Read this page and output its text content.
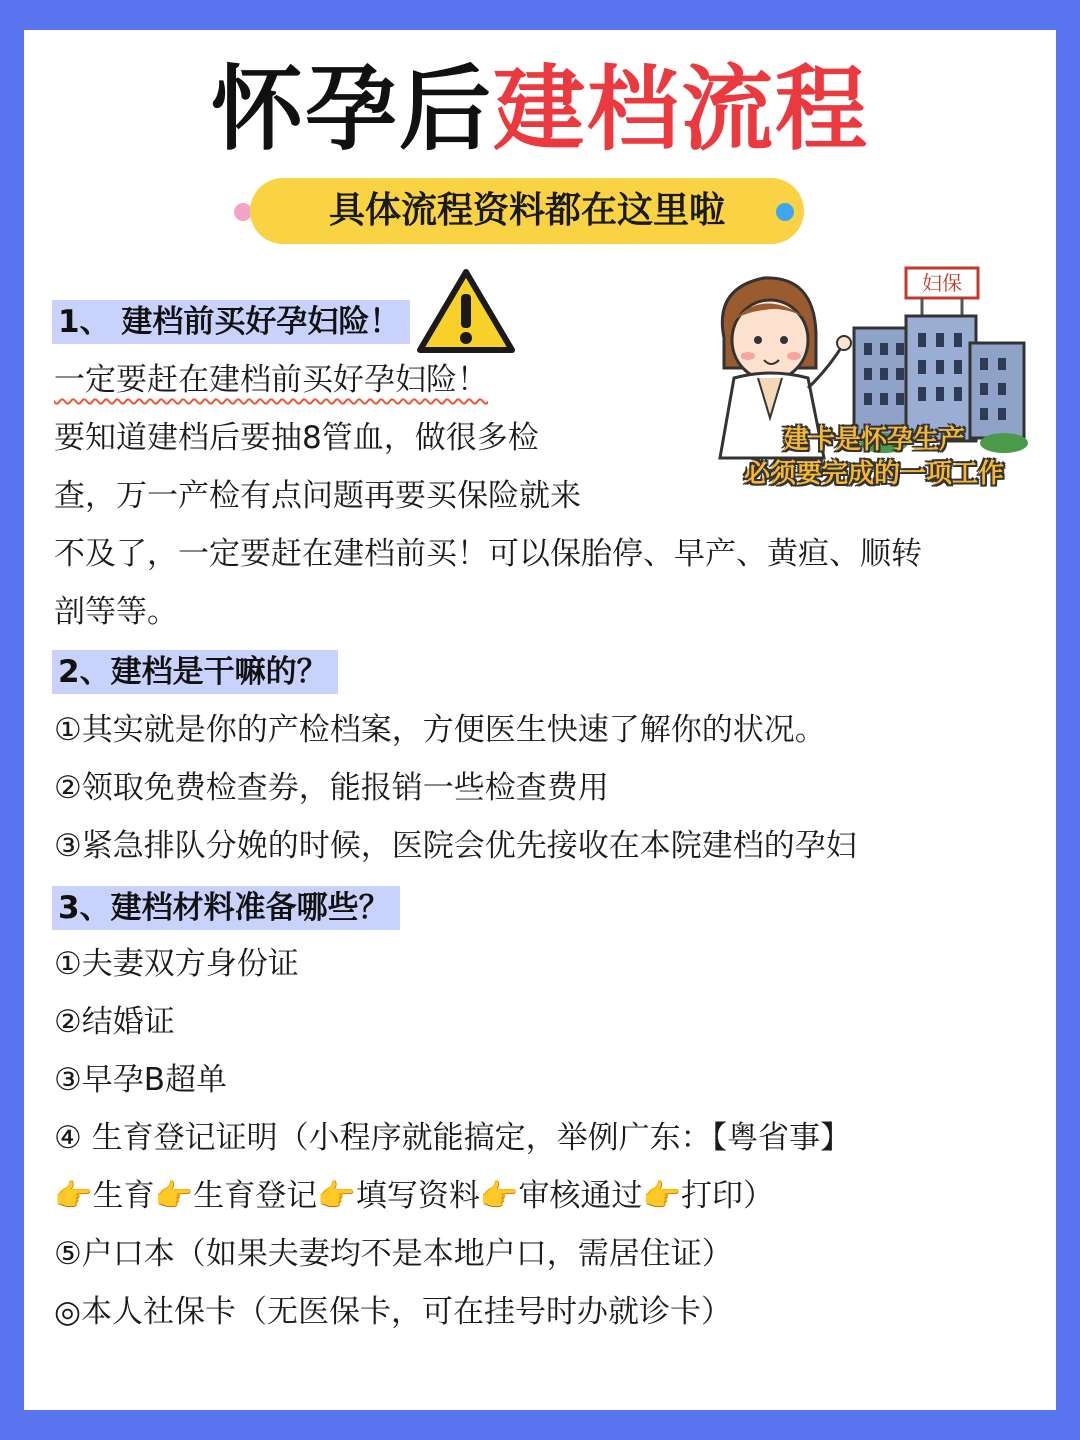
怀孕后建档流程
具体流程资料都在这里啦
妇保
建卡是怀孕生产
必须要完成的一项工作
1、 建档前买好孕妇险！
一定要赶在建档前买好孕妇险！
要知道建档后要抽8管血，做很多检
查，万一产检有点问题再要买保险就来
不及了，一定要赶在建档前买！可以保胎停、早产、黄疸、顺转
剖等等。
2、建档是干嘛的？
①其实就是你的产检档案，方便医生快速了解你的状况。
②领取免费检查券，能报销一些检查费用
③紧急排队分娩的时候，医院会优先接收在本院建档的孕妇
3、建档材料准备哪些？
①夫妻双方身份证
②结婚证
③早孕B超单
④ 生育登记证明（小程序就能搞定，举例广东：【粤省事】
👉生育👉生育登记👉填写资料👉审核通过👉打印）
⑤户口本（如果夫妻均不是本地户口，需居住证）
◎本人社保卡（无医保卡，可在挂号时办就诊卡）
